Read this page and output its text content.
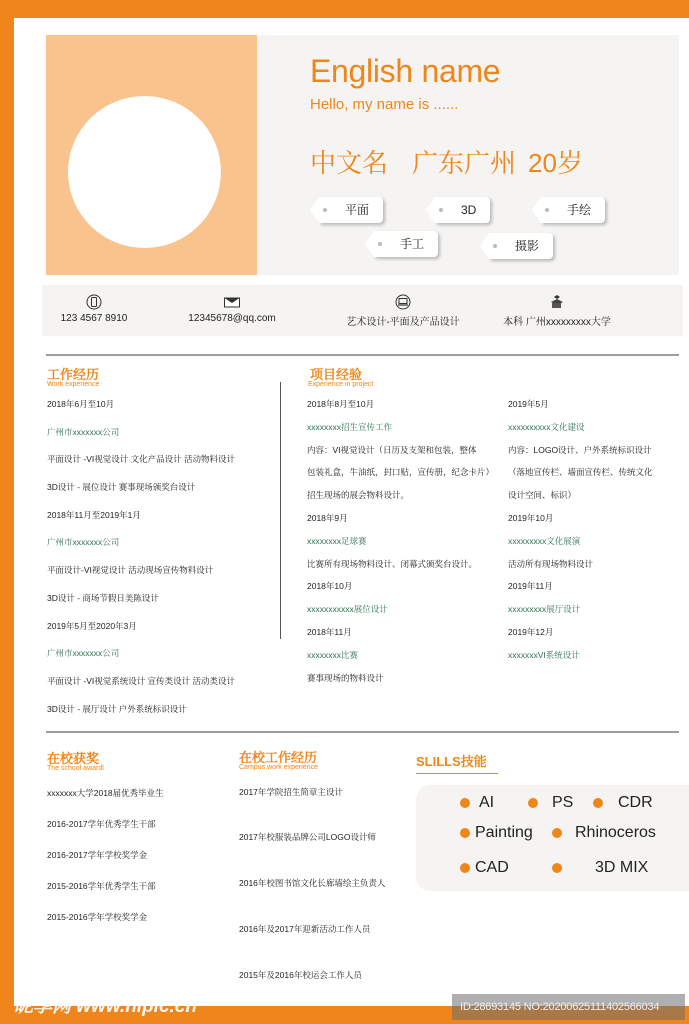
English name
Hello, my name is ......
中文名 广东广州 20岁
平面	3D	手绘
手工	摄影
123 4567 8910	12345678@qq.com	艺术设计-平面及产品设计	本科 广州xxxxxxxxx大学
工作经历
Work experience
2018年6月至10月
广州市xxxxxxx公司
平面设计 -VI视觉设计 文化产品设计 活动物料设计
3D设计 - 展位设计 赛事现场颁奖台设计
2018年11月至2019年1月
广州市xxxxxxx公司
平面设计-VI视觉设计 活动现场宣传物料设计
3D设计 - 商场节假日美陈设计
2019年5月至2020年3月
广州市xxxxxxx公司
平面设计 -VI视觉系统设计 宣传类设计 活动类设计
3D设计 - 展厅设计 户外系统标识设计
项目经验
Experience in project
2018年8月至10月
xxxxxxxx招生宣传工作
内容：VI视觉设计（日历及支架和包装，整体
包装礼盒，牛油纸，封口贴，宣传册，纪念卡片）
招生现场的展会物料设计。
2018年9月
xxxxxxxx足球赛
比赛所有现场物料设计、闭幕式颁奖台设计。
2018年10月
xxxxxxxxxxx展位设计
2018年11月
xxxxxxxx比赛
赛事现场的物料设计
2019年5月
xxxxxxxxxx文化建设
内容：LOGO设计、户外系统标识设计
（落地宣传栏、墙面宣传栏、传统文化
设计空间、标识）
2019年10月
xxxxxxxxx文化展演
活动所有现场物料设计
2019年11月
xxxxxxxxx展厅设计
2019年12月
xxxxxxxVI系统设计
在校获奖
The school awardl
xxxxxxx大学2018届优秀毕业生
2016-2017学年优秀学生干部
2016-2017学年学校奖学金
2015-2016学年优秀学生干部
2015-2016学年学校奖学金
在校工作经历
Campus work experience
2017年学院招生简章主设计
2017年校服装品牌公司LOGO设计师
2016年校图书馆文化长廊墙绘主负责人
2016年及2017年迎新活动工作人员
2015年及2016年校运会工作人员
SLILLS技能
AI	PS	CDR
Painting	Rhinoceros
CAD	3D MIX
昵享网 www.nipic.cn	ID:28693145 NO:20200625111402566034
